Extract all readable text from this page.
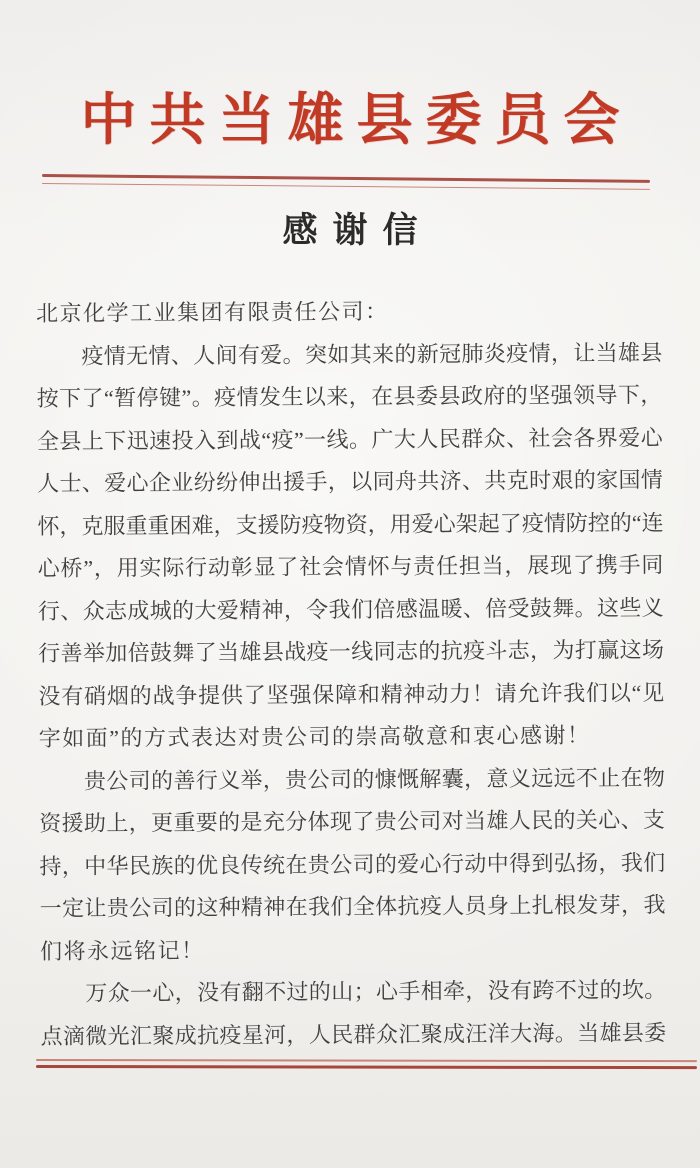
中共当雄县委员会
感谢信
北京化学工业集团有限责任公司：
疫 情 无 情 、 人 间 有 爱 。 突 如 其 来 的 新 冠 肺 炎 疫 情 ， 让 当 雄 县
按 下 了 “ 暂 停 键 ” 。 疫 情 发 生 以 来 ， 在 县 委 县 政 府 的 坚 强 领 导 下 ，
全 县 上 下 迅 速 投 入 到 战 “ 疫 ” 一 线 。 广 大 人 民 群 众 、 社 会 各 界 爱 心
人 士 、 爱 心 企 业 纷 纷 伸 出 援 手 ， 以 同 舟 共 济 、 共 克 时 艰 的 家 国 情
怀 ， 克 服 重 重 困 难 ， 支 援 防 疫 物 资 ， 用 爱 心 架 起 了 疫 情 防 控 的 “ 连
心 桥 ” ， 用 实 际 行 动 彰 显 了 社 会 情 怀 与 责 任 担 当 ， 展 现 了 携 手 同
行 、 众 志 成 城 的 大 爱 精 神 ， 令 我 们 倍 感 温 暖 、 倍 受 鼓 舞 。 这 些 义
行 善 举 加 倍 鼓 舞 了 当 雄 县 战 疫 一 线 同 志 的 抗 疫 斗 志 ， 为 打 赢 这 场
没 有 硝 烟 的 战 争 提 供 了 坚 强 保 障 和 精 神 动 力 ！ 请 允 许 我 们 以 “ 见
字如面”的方式表达对贵公司的崇高敬意和衷心感谢！
贵 公 司 的 善 行 义 举 ， 贵 公 司 的 慷 慨 解 囊 ， 意 义 远 远 不 止 在 物
资 援 助 上 ， 更 重 要 的 是 充 分 体 现 了 贵 公 司 对 当 雄 人 民 的 关 心 、 支
持 ， 中 华 民 族 的 优 良 传 统 在 贵 公 司 的 爱 心 行 动 中 得 到 弘 扬 ， 我 们
一 定 让 贵 公 司 的 这 种 精 神 在 我 们 全 体 抗 疫 人 员 身 上 扎 根 发 芽 ， 我
们将永远铭记！
万 众 一 心 ， 没 有 翻 不 过 的 山 ； 心 手 相 牵 ， 没 有 跨 不 过 的 坎 。
点 滴 微 光 汇 聚 成 抗 疫 星 河 ， 人 民 群 众 汇 聚 成 汪 洋 大 海 。 当 雄 县 委
